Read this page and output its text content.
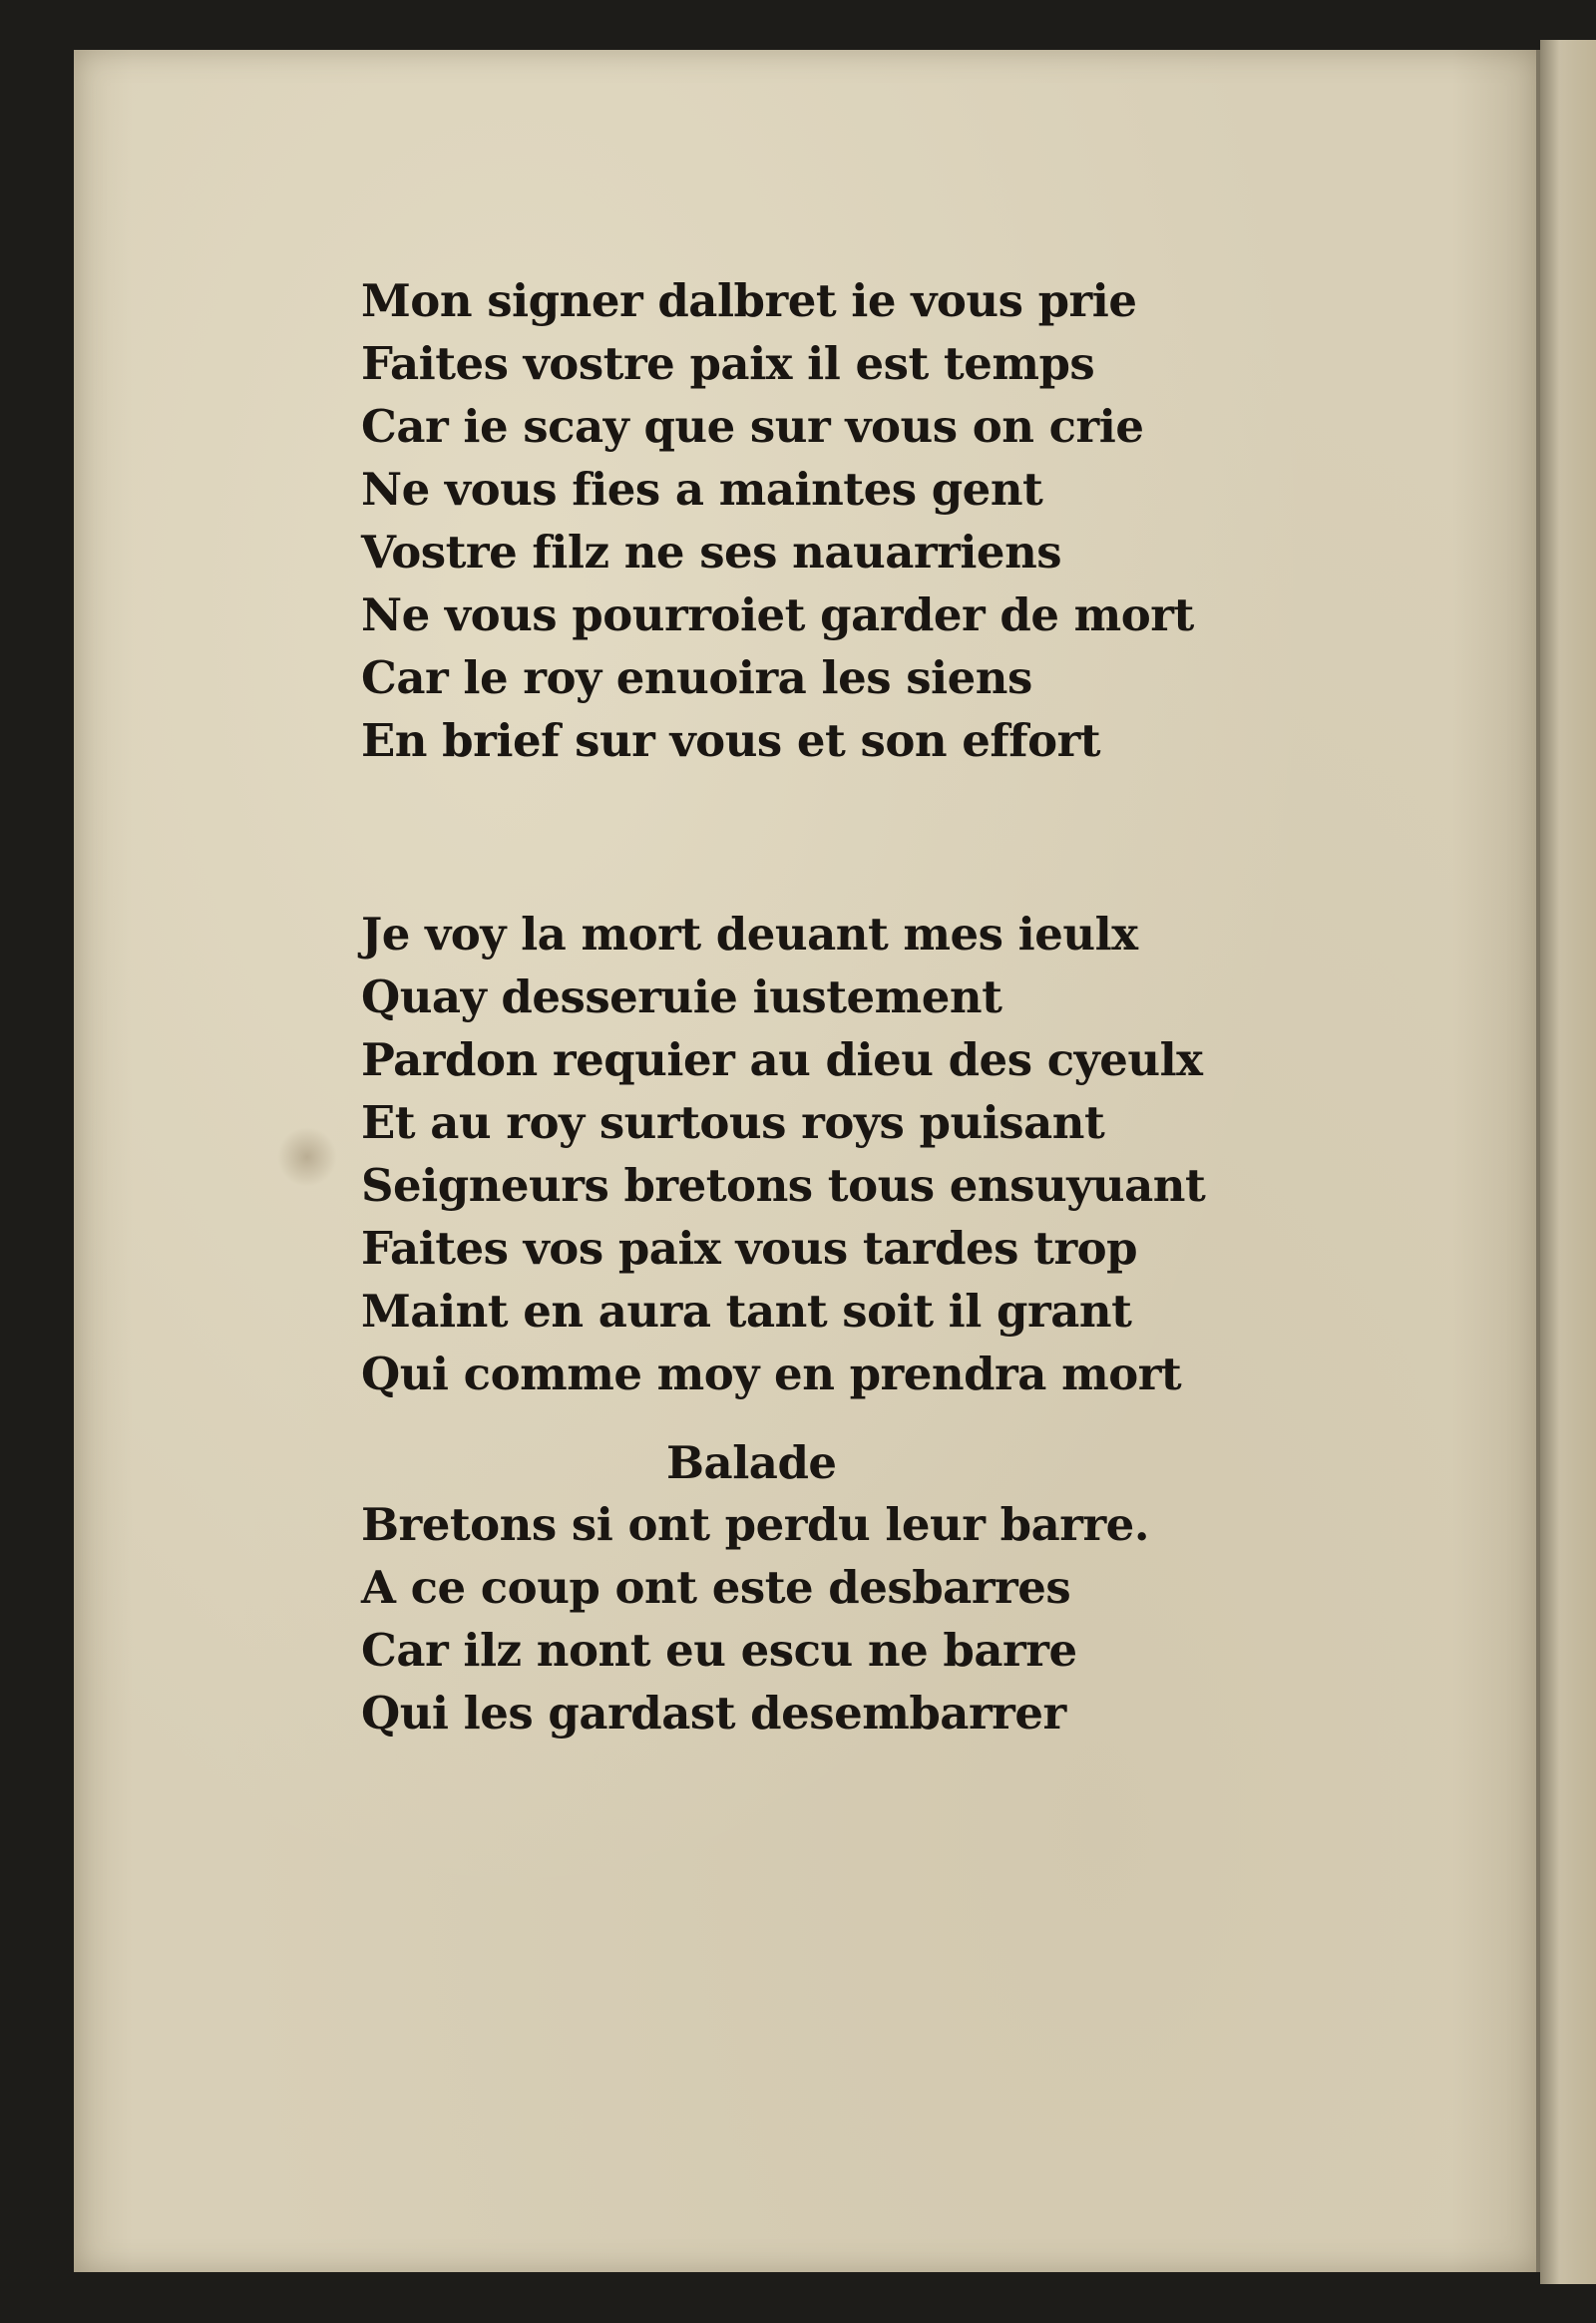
Mon signer dalbret ie vous prie
Faites vostre paix il est temps
Car ie scay que sur vous on crie
Ne vous fies a maintes gent
Vostre filz ne ses nauarriens
Ne vous pourroiet garder de mort
Car le roy enuoira les siens
En brief sur vous et son effort
Je voy la mort deuant mes ieulx
Quay desseruie iustement
Pardon requier au dieu des cyeulx
Et au roy surtous roys puisant
Seigneurs bretons tous ensuyuant
Faites vos paix vous tardes trop
Maint en aura tant soit il grant
Qui comme moy en prendra mort
Balade
Bretons si ont perdu leur barre.
A ce coup ont este desbarres
Car ilz nont eu escu ne barre
Qui les gardast desembarrer
